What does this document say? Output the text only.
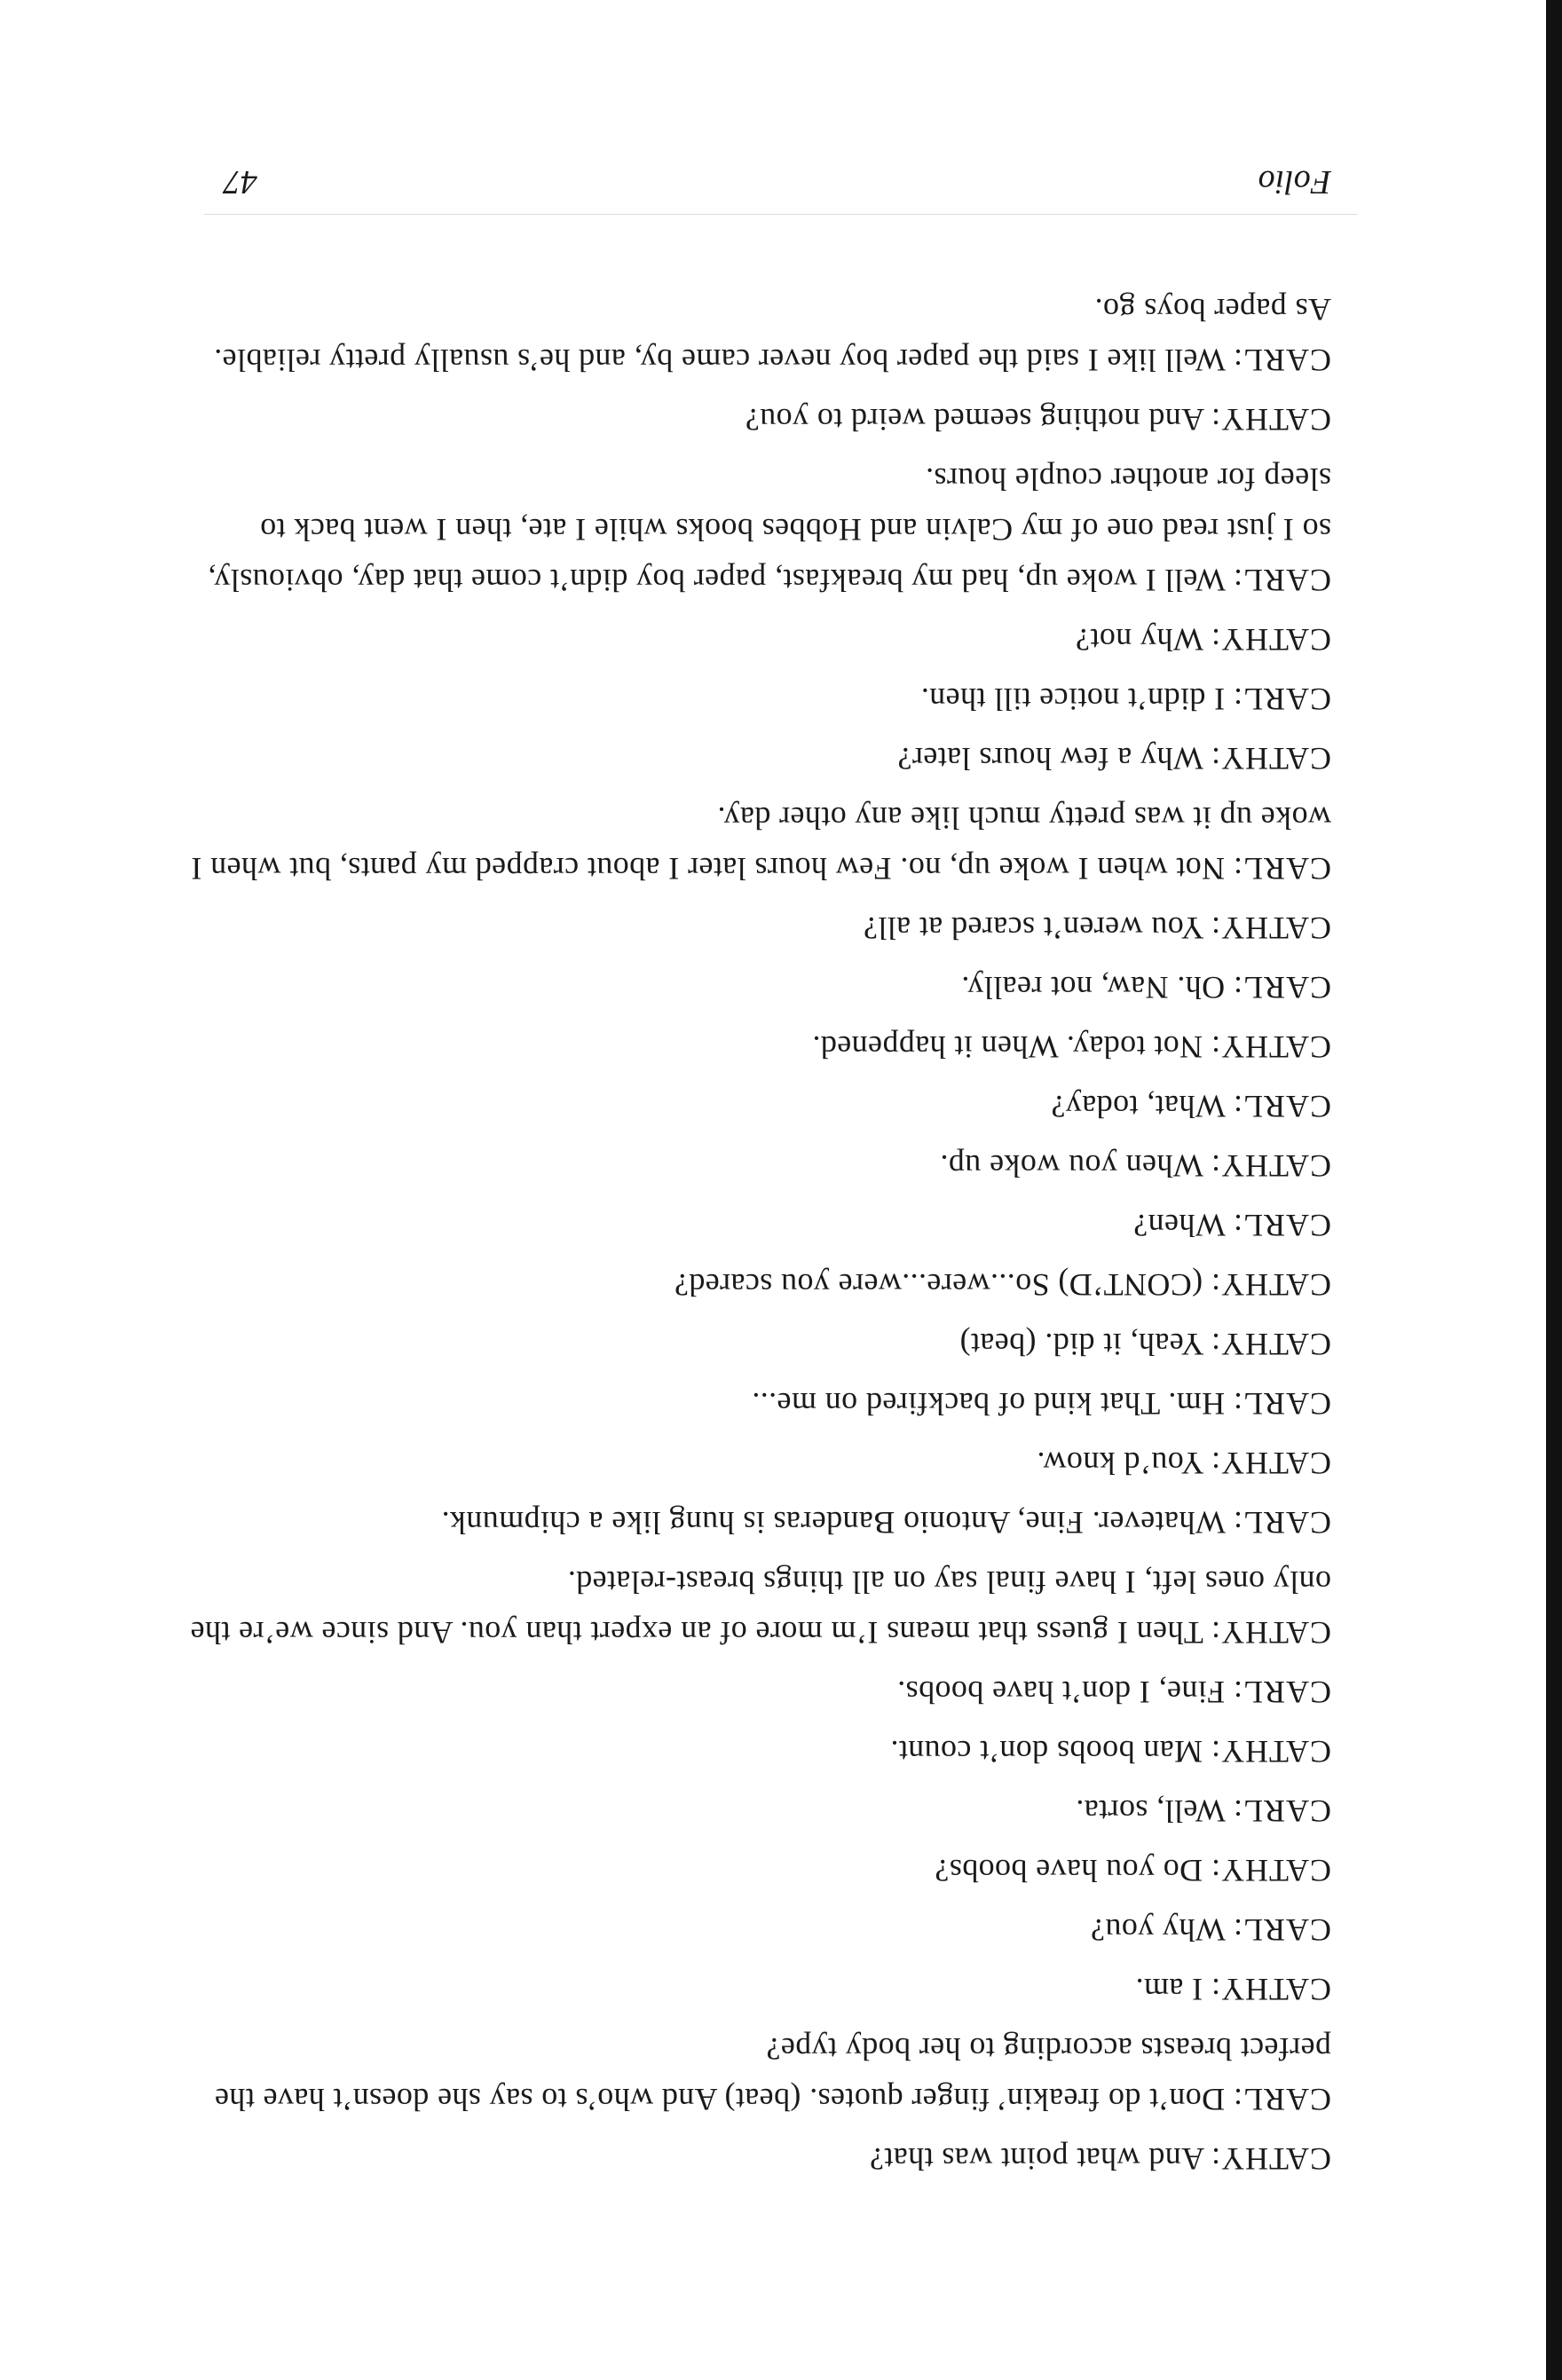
CATHY: And what point was that?
CARL: Don’t do freakin’ finger quotes. (beat) And who’s to say she doesn’t have the perfect breasts according to her body type?
CATHY: I am.
CARL: Why you?
CATHY: Do you have boobs?
CARL: Well, sorta.
CATHY: Man boobs don’t count.
CARL: Fine, I don’t have boobs.
CATHY: Then I guess that means I’m more of an expert than you. And since we’re the only ones left, I have final say on all things breast-related.
CARL: Whatever. Fine, Antonio Banderas is hung like a chipmunk.
CATHY: You’d know.
CARL: Hm. That kind of backfired on me...
CATHY: Yeah, it did. (beat)
CATHY: (CONT’D) So...were...were you scared?
CARL: When?
CATHY: When you woke up.
CARL: What, today?
CATHY: Not today. When it happened.
CARL: Oh. Naw, not really.
CATHY: You weren’t scared at all?
CARL: Not when I woke up, no. Few hours later I about crapped my pants, but when I woke up it was pretty much like any other day.
CATHY: Why a few hours later?
CARL: I didn’t notice till then.
CATHY: Why not?
CARL: Well I woke up, had my breakfast, paper boy didn’t come that day, obviously, so I just read one of my Calvin and Hobbes books while I ate, then I went back to sleep for another couple hours.
CATHY: And nothing seemed weird to you?
CARL: Well like I said the paper boy never came by, and he’s usually pretty reliable. As paper boys go.
Folio
47
